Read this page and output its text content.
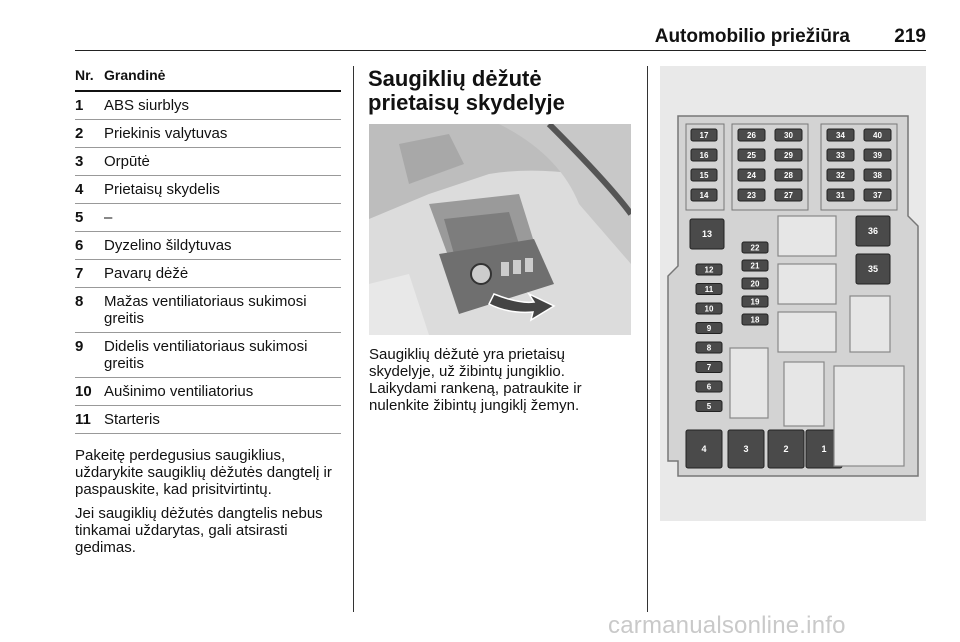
Automobilio priežiūra 219
Nr. Grandinė
1	ABS siurblys
2	Priekinis valytuvas
3	Orpūtė
4	Prietaisų skydelis
5	–
6	Dyzelino šildytuvas
7	Pavarų dėžė
8	Mažas ventiliatoriaus sukimosi greitis
9	Didelis ventiliatoriaus sukimosi greitis
10 Aušinimo ventiliatorius
11 Starteris

Pakeitę perdegusius saugiklius, uždarykite saugiklių dėžutės dangtelį ir paspauskite, kad prisitvirtintų.

Jei saugiklių dėžutės dangtelis nebus tinkamai uždarytas, gali atsirasti gedimas.

Saugiklių dėžutė prietaisų skydelyje
Saugiklių dėžutė yra prietaisų skydelyje, už žibintų jungiklio. Laikydami rankeną, patraukite ir nulenkite žibintų jungiklį žemyn.
17	26	30	34	40
16	25	29	33	39
15	24	28	32	38
14	23	27	31	37
13	36
35
4	3	2	1
12
11
10
9
8
7
6
5
22
21
20
19
18
carmanualsonline.info
